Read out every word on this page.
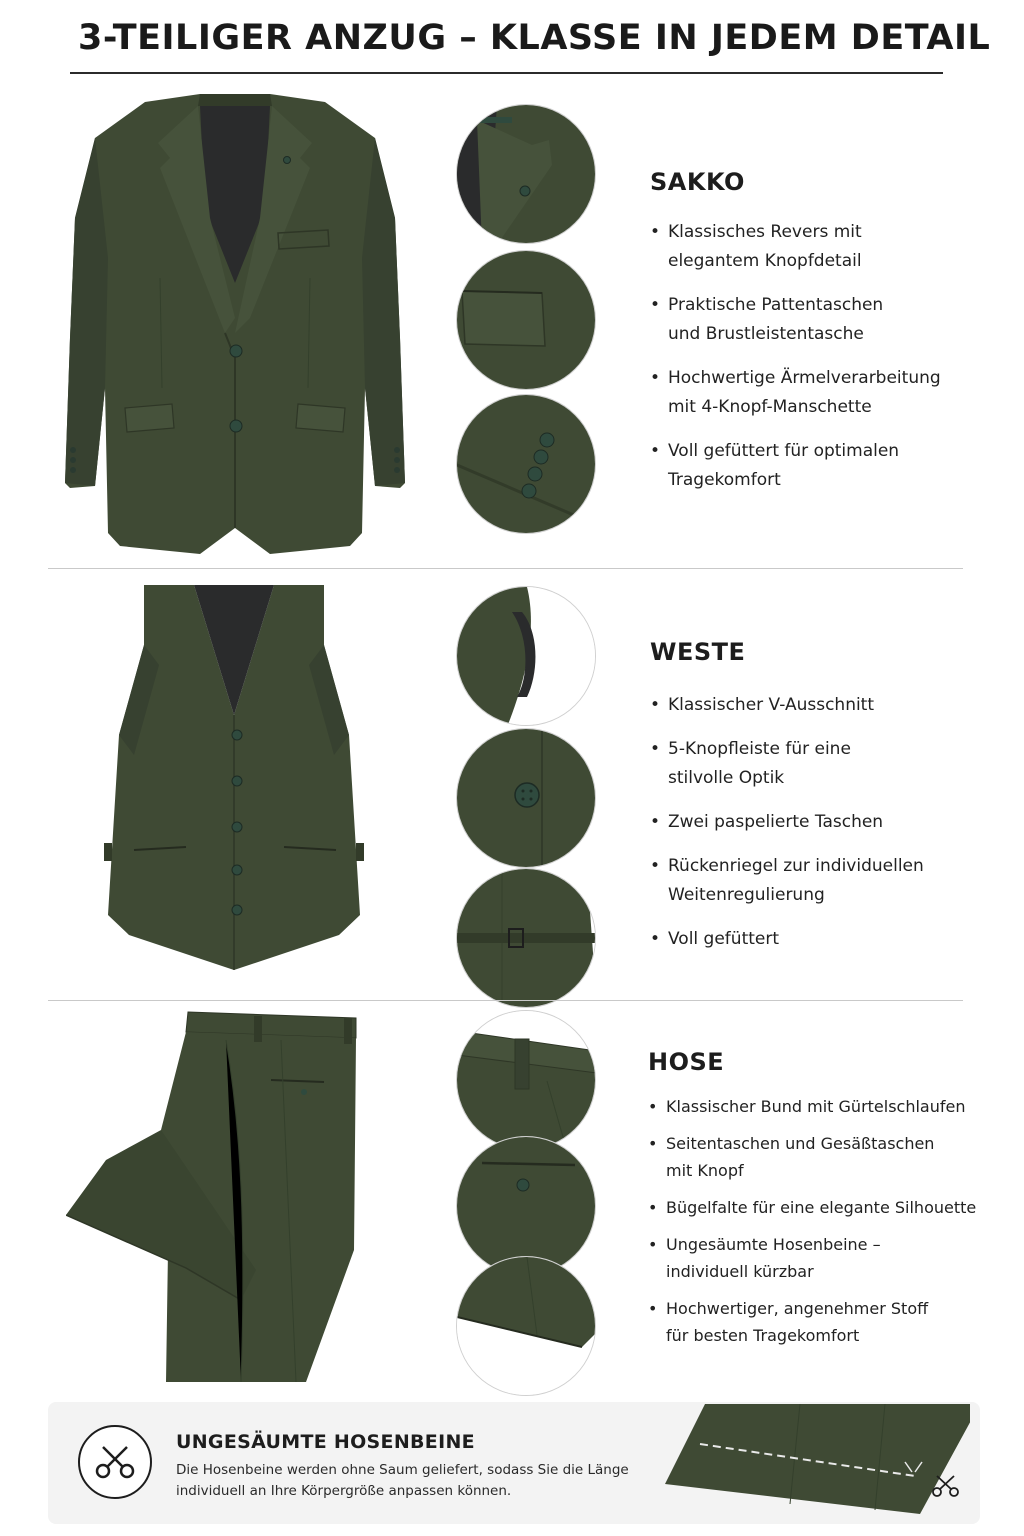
3-TEILIGER ANZUG – KLASSE IN JEDEM DETAIL
SAKKO
• Klassisches Revers mit
elegantem Knopfdetail
• Praktische Pattentaschen
und Brustleistentasche
• Hochwertige Ärmelverarbeitung
mit 4-Knopf-Manschette
• Voll gefüttert für optimalen
Tragekomfort
WESTE
• Klassischer V-Ausschnitt
• 5-Knopfleiste für eine
stilvolle Optik
• Zwei paspelierte Taschen
• Rückenriegel zur individuellen
Weitenregulierung
• Voll gefüttert
HOSE
• Klassischer Bund mit Gürtelschlaufen
• Seitentaschen und Gesäßtaschen
mit Knopf
• Bügelfalte für eine elegante Silhouette
• Ungesäumte Hosenbeine –
individuell kürzbar
• Hochwertiger, angenehmer Stoff
für besten Tragekomfort
UNGESÄUMTE HOSENBEINE
Die Hosenbeine werden ohne Saum geliefert, sodass Sie die Länge
individuell an Ihre Körpergröße anpassen können.
